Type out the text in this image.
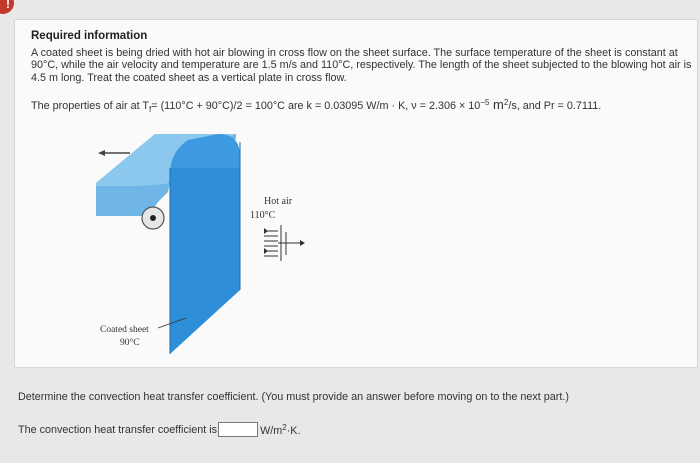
!
Required information
A coated sheet is being dried with hot air blowing in cross flow on the sheet surface. The surface temperature of the sheet is constant at 90°C, while the air velocity and temperature are 1.5 m/s and 110°C, respectively. The length of the sheet subjected to the blowing hot air is 4.5 m long. Treat the coated sheet as a vertical plate in cross flow.
The properties of air at $T_f= (110^\circ C + 90^\circ C)/2 = 100^\circ C$ are k = 0.03095 W/m · K, $\nu = 2.306 \times 10^{-5}$ $m^2/s$, and Pr = 0.7111.
Hot air
110°C
Coated sheet
90°C
Determine the convection heat transfer coefficient. (You must provide an answer before moving on to the next part.)
The convection heat transfer coefficient is	$W/m^2\cdot K$.
